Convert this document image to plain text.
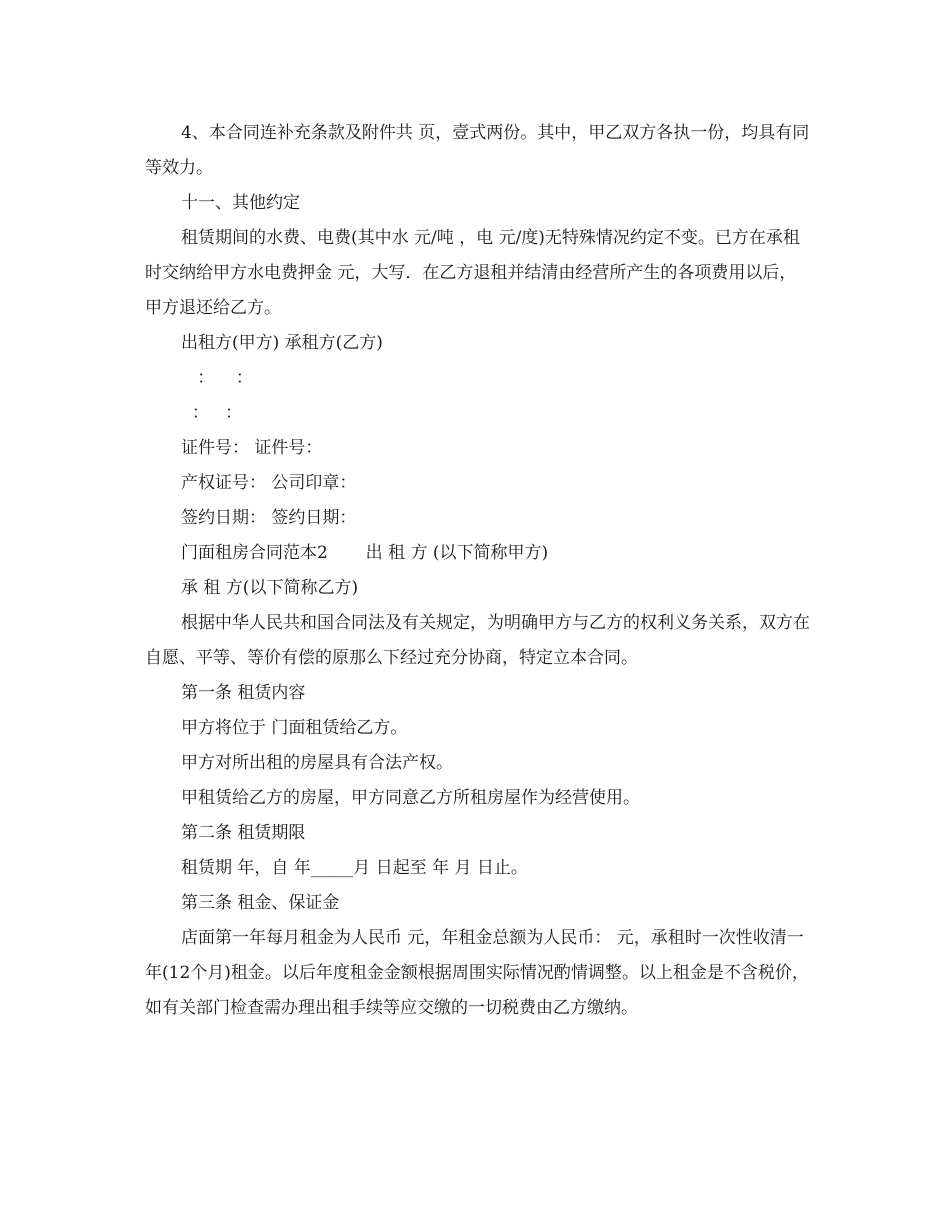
4、本合同连补充条款及附件共 页，壹式两份。其中，甲乙双方各执一份，均具有同等效力。

十一、其他约定

租赁期间的水费、电费(其中水 元/吨 ，电 元/度)无特殊情况约定不变。已方在承租时交纳给甲方水电费押金 元，大写．在乙方退租并结清由经营所产生的各项费用以后，甲方退还给乙方。

出租方(甲方) 承租方(乙方)

：    ：

：   ：

证件号： 证件号：

产权证号： 公司印章：

签约日期： 签约日期：

门面租房合同范本2       出 租 方 (以下简称甲方)

承 租 方(以下简称乙方)

根据中华人民共和国合同法及有关规定，为明确甲方与乙方的权利义务关系，双方在自愿、平等、等价有偿的原那么下经过充分协商，特定立本合同。

第一条 租赁内容

甲方将位于 门面租赁给乙方。

甲方对所出租的房屋具有合法产权。

甲租赁给乙方的房屋，甲方同意乙方所租房屋作为经营使用。

第二条 租赁期限

租赁期 年，自 年_____月 日起至 年 月 日止。

第三条 租金、保证金

店面第一年每月租金为人民币 元，年租金总额为人民币： 元，承租时一次性收清一年(12个月)租金。以后年度租金金额根据周围实际情况酌情调整。以上租金是不含税价，如有关部门检查需办理出租手续等应交缴的一切税费由乙方缴纳。
